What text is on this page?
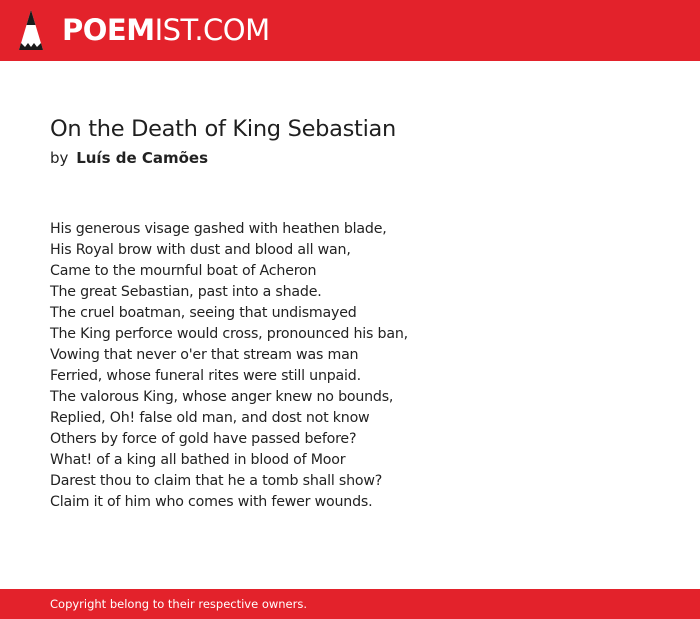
POEMIST.COM
On the Death of King Sebastian
by Luís de Camões
His generous visage gashed with heathen blade,
His Royal brow with dust and blood all wan,
Came to the mournful boat of Acheron
The great Sebastian, past into a shade.
The cruel boatman, seeing that undismayed
The King perforce would cross, pronounced his ban,
Vowing that never o'er that stream was man
Ferried, whose funeral rites were still unpaid.
The valorous King, whose anger knew no bounds,
Replied, Oh! false old man, and dost not know
Others by force of gold have passed before?
What! of a king all bathed in blood of Moor
Darest thou to claim that he a tomb shall show?
Claim it of him who comes with fewer wounds.
Copyright belong to their respective owners.
